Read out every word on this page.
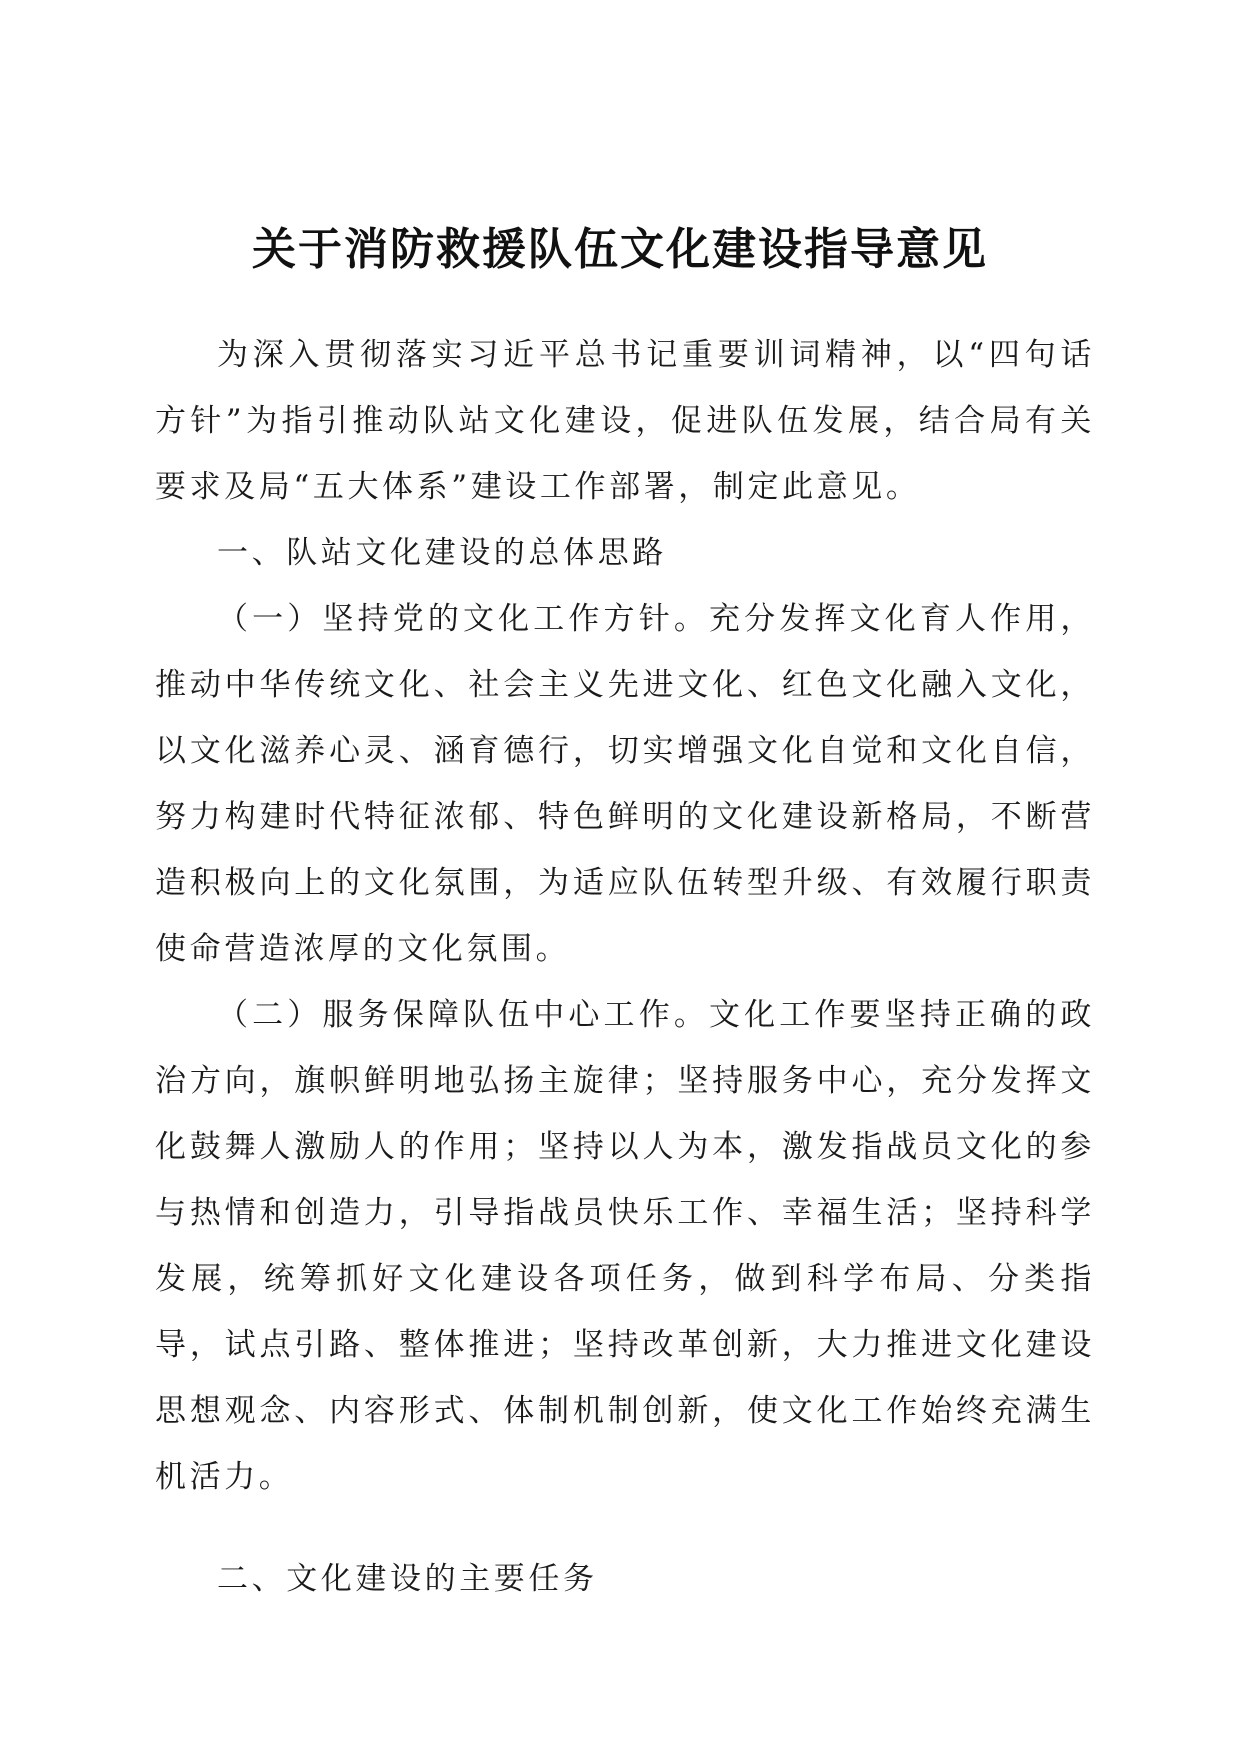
关于消防救援队伍文化建设指导意见

为深入贯彻落实习近平总书记重要训词精神，以“四句话方针”为指引推动队站文化建设，促进队伍发展，结合局有关要求及局“五大体系”建设工作部署，制定此意见。

一、队站文化建设的总体思路

（一）坚持党的文化工作方针。充分发挥文化育人作用，推动中华传统文化、社会主义先进文化、红色文化融入文化，以文化滋养心灵、涵育德行，切实增强文化自觉和文化自信，努力构建时代特征浓郁、特色鲜明的文化建设新格局，不断营造积极向上的文化氛围，为适应队伍转型升级、有效履行职责使命营造浓厚的文化氛围。

（二）服务保障队伍中心工作。文化工作要坚持正确的政治方向，旗帜鲜明地弘扬主旋律；坚持服务中心，充分发挥文化鼓舞人激励人的作用；坚持以人为本，激发指战员文化的参与热情和创造力，引导指战员快乐工作、幸福生活；坚持科学发展，统筹抓好文化建设各项任务，做到科学布局、分类指导，试点引路、整体推进；坚持改革创新，大力推进文化建设思想观念、内容形式、体制机制创新，使文化工作始终充满生机活力。

二、文化建设的主要任务
